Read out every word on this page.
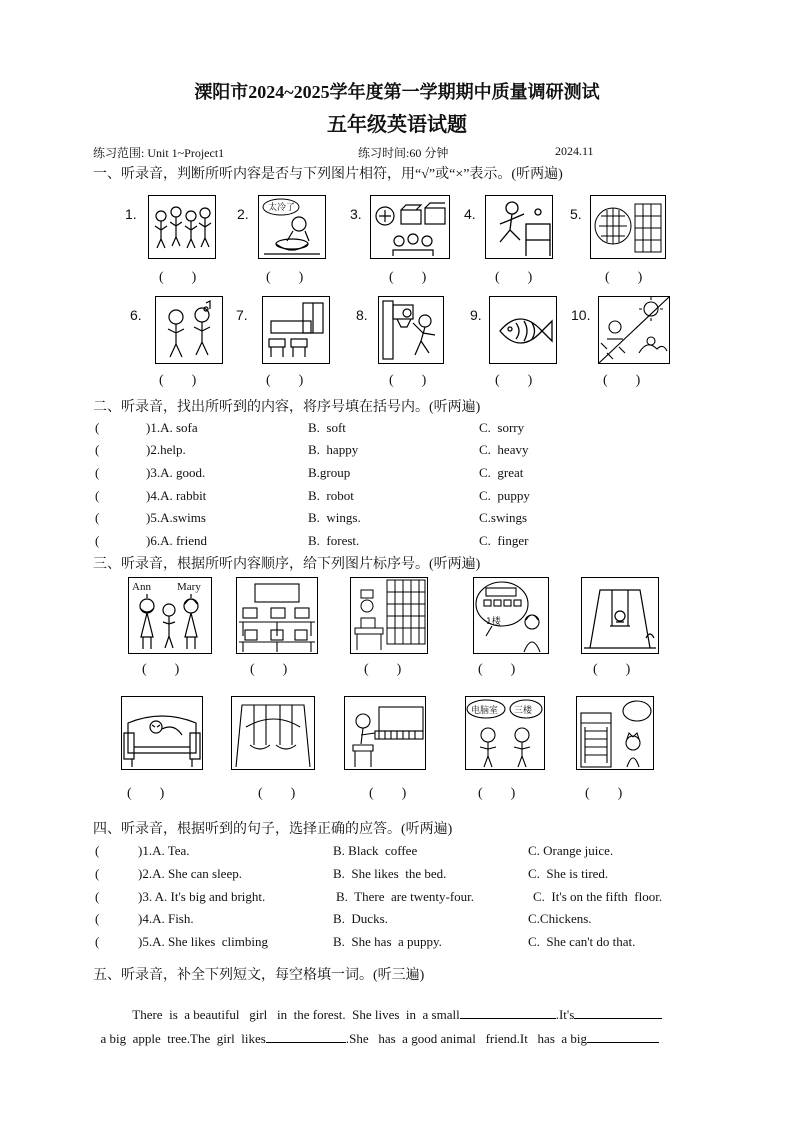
溧阳市2024~2025学年度第一学期期中质量调研测试
五年级英语试题
练习范围: Unit 1~Project1	练习时间:60 分钟	2024.11
一、听录音，判断所听内容是否与下列图片相符，用“√”或“×”表示。(听两遍)
1.	2.	3.	4.	5.
太冷了
(        )	(        )	(        )	(        )	(        )
6.	7.	8.	9.	10.
(        )	(        )	(        )	(        )	(        )
二、听录音，找出所听到的内容，将序号填在括号内。(听两遍)
(	)1.A. sofa	B.  soft	C.  sorry
(	)2.help.	B.  happy	C.  heavy
(	)3.A. good.	B.group	C.  great
(	)4.A. rabbit	B.  robot	C.  puppy
(	)5.A.swims	B.  wings.	C.swings
(	)6.A. friend	B.  forest.	C.  finger
三、听录音，根据所听内容顺序，给下列图片标序号。(听两遍)
Ann Mary
1楼
(        )	(        )	(        )	(        )	(        )
电脑室 三楼
(        )	(        )	(        )	(        )	(        )
四、听录音，根据听到的句子，选择正确的应答。(听两遍)
(	)1.A. Tea.	B. Black  coffee	C. Orange juice.
(	)2.A. She can sleep.	B.  She likes  the bed.	C.  She is tired.
(	)3. A. It's big and bright.	B.  There  are twenty-four.	C.  It's on the fifth  floor.
(	)4.A. Fish.	B.  Ducks.	C.Chickens.
(	)5.A. She likes  climbing	B.  She has  a puppy.	C.  She can't do that.
五、听录音，补全下列短文，每空格填一词。(听三遍)

There  is  a beautiful   girl   in  the forest.  She lives  in  a small	.It's

a big  apple  tree.The  girl  likes	.She   has  a good animal   friend.It   has  a big
